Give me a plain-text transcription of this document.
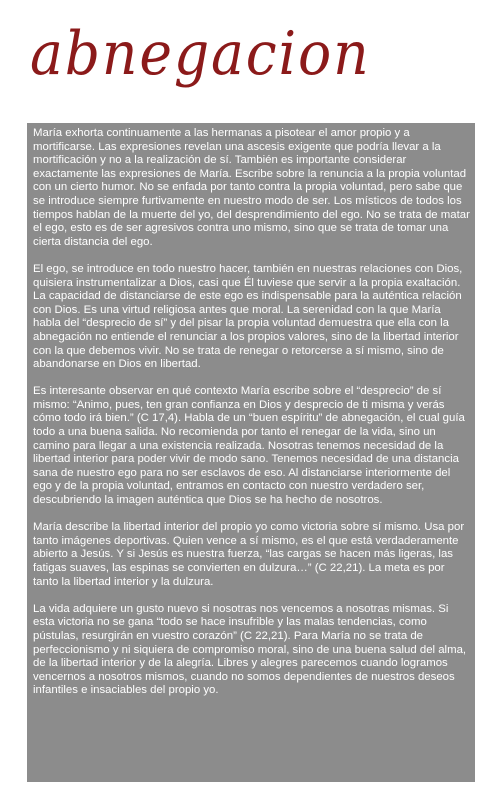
abnegacion

María exhorta continuamente a las hermanas a pisotear el amor propio y a mortificarse. Las expresiones revelan una ascesis exigente que podría llevar a la mortificación y no a la realización de sí. También es importante considerar exactamente las expresiones de María. Escribe sobre la renuncia a la propia voluntad con un cierto humor. No se enfada por tanto contra la propia voluntad, pero sabe que se introduce siempre furtivamente en nuestro modo de ser. Los místicos de todos los tiempos hablan de la muerte del yo, del desprendimiento del ego. No se trata de matar el ego, esto es de ser agresivos contra uno mismo, sino que se trata de tomar una cierta distancia del ego.

El ego, se introduce en todo nuestro hacer, también en nuestras relaciones con Dios, quisiera instrumentalizar a Dios, casi que Él tuviese que servir a la propia exaltación. La capacidad de distanciarse de este ego es indispensable para la auténtica relación con Dios. Es una virtud religiosa antes que moral. La serenidad con la que María habla del “desprecio de sí” y del pisar la propia voluntad demuestra que ella con la abnegación no entiende el renunciar a los propios valores, sino de la libertad interior con la que debemos vivir. No se trata de renegar o retorcerse a sí mismo, sino de abandonarse en Dios en libertad.

Es interesante observar en qué contexto María escribe sobre el “desprecio” de sí mismo: “Animo, pues, ten gran confianza en Dios y desprecio de ti misma y verás cómo todo irá bien.” (C 17,4). Habla de un “buen espíritu” de abnegación, el cual guía todo a una buena salida. No recomienda por tanto el renegar de la vida, sino un camino para llegar a una existencia realizada. Nosotras tenemos necesidad de la libertad interior para poder vivir de modo sano. Tenemos necesidad de una distancia sana de nuestro ego para no ser esclavos de eso. Al distanciarse interiormente del ego y de la propia voluntad, entramos en contacto con nuestro verdadero ser, descubriendo la imagen auténtica que Dios se ha hecho de nosotros.

María describe la libertad interior del propio yo como victoria sobre sí mismo. Usa por tanto imágenes deportivas. Quien vence a sí mismo, es el que está verdaderamente abierto a Jesús. Y si Jesús es nuestra fuerza, “las cargas se hacen más ligeras, las fatigas suaves, las espinas se convierten en dulzura…” (C 22,21). La meta es por tanto la libertad interior y la dulzura.

La vida adquiere un gusto nuevo si nosotras nos vencemos a nosotras mismas. Si esta victoria no se gana “todo se hace insufrible y las malas tendencias, como pústulas, resurgirán en vuestro corazón” (C 22,21). Para María no se trata de perfeccionismo y ni siquiera de compromiso moral, sino de una buena salud del alma, de la libertad interior y de la alegría. Libres y alegres parecemos cuando logramos vencernos a nosotros mismos, cuando no somos dependientes de nuestros deseos infantiles e insaciables del propio yo.
